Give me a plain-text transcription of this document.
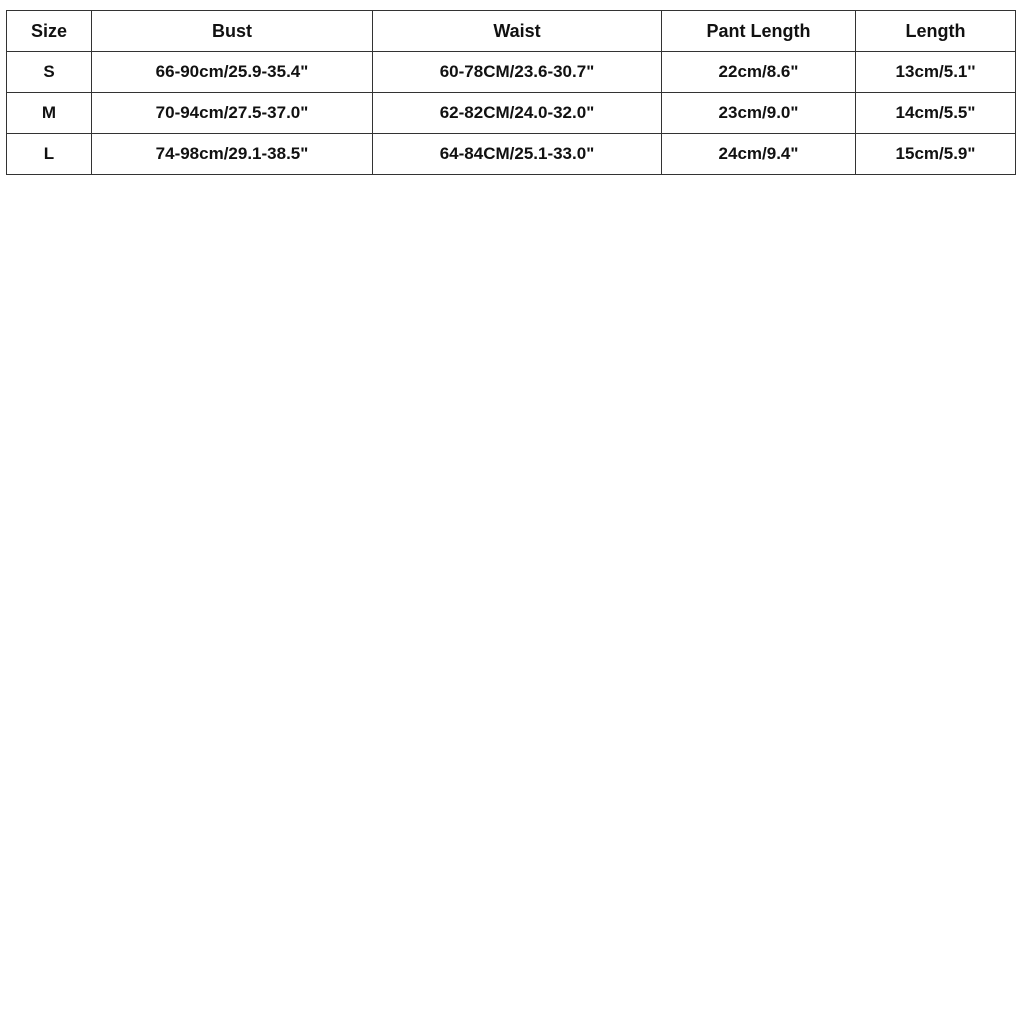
Size	Bust	Waist	Pant Length	Length
S	66-90cm/25.9-35.4"	60-78CM/23.6-30.7"	22cm/8.6"	13cm/5.1''
M	70-94cm/27.5-37.0"	62-82CM/24.0-32.0"	23cm/9.0"	14cm/5.5"
L	74-98cm/29.1-38.5"	64-84CM/25.1-33.0"	24cm/9.4"	15cm/5.9"
